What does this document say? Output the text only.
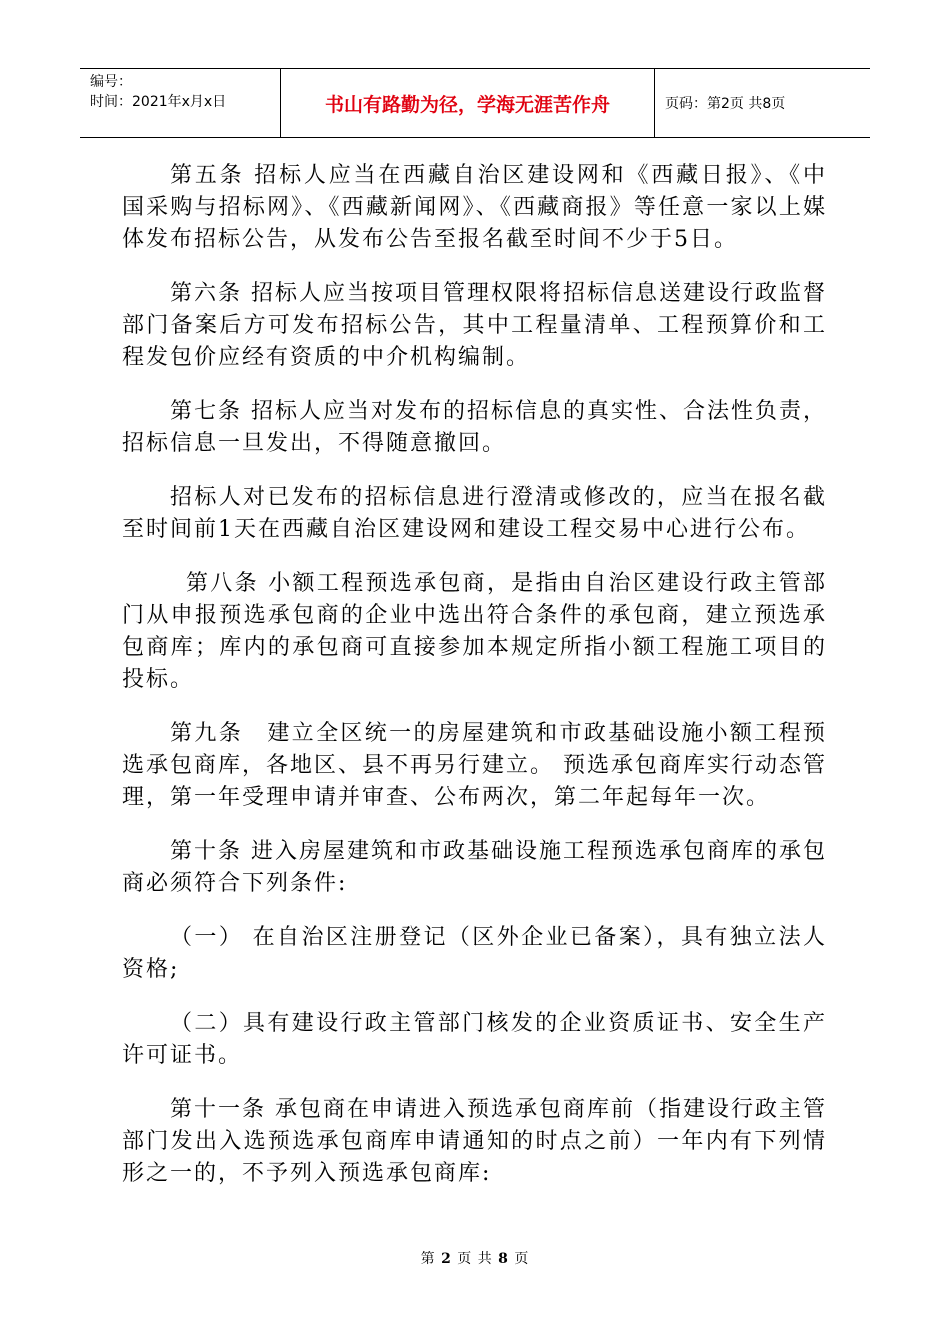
编号：
时间：2021年x月x日	书山有路勤为径，学海无涯苦作舟	页码：第2页 共8页

第五条 招标人应当在西藏自治区建设网和《西藏日报》、《中国采购与招标网》、《西藏新闻网》、《西藏商报》等任意一家以上媒体发布招标公告，从发布公告至报名截至时间不少于5日。

第六条 招标人应当按项目管理权限将招标信息送建设行政监督部门备案后方可发布招标公告，其中工程量清单、工程预算价和工程发包价应经有资质的中介机构编制。

第七条 招标人应当对发布的招标信息的真实性、合法性负责，招标信息一旦发出，不得随意撤回。

招标人对已发布的招标信息进行澄清或修改的，应当在报名截至时间前1天在西藏自治区建设网和建设工程交易中心进行公布。

第八条 小额工程预选承包商，是指由自治区建设行政主管部门从申报预选承包商的企业中选出符合条件的承包商，建立预选承包商库；库内的承包商可直接参加本规定所指小额工程施工项目的投标。

第九条　建立全区统一的房屋建筑和市政基础设施小额工程预选承包商库，各地区、县不再另行建立。 预选承包商库实行动态管理，第一年受理申请并审查、公布两次，第二年起每年一次。

第十条 进入房屋建筑和市政基础设施工程预选承包商库的承包商必须符合下列条件:

（一） 在自治区注册登记（区外企业已备案），具有独立法人资格;

（二）具有建设行政主管部门核发的企业资质证书、安全生产许可证书。

第十一条 承包商在申请进入预选承包商库前（指建设行政主管部门发出入选预选承包商库申请通知的时点之前）一年内有下列情形之一的，不予列入预选承包商库:

第 2 页 共 8 页
